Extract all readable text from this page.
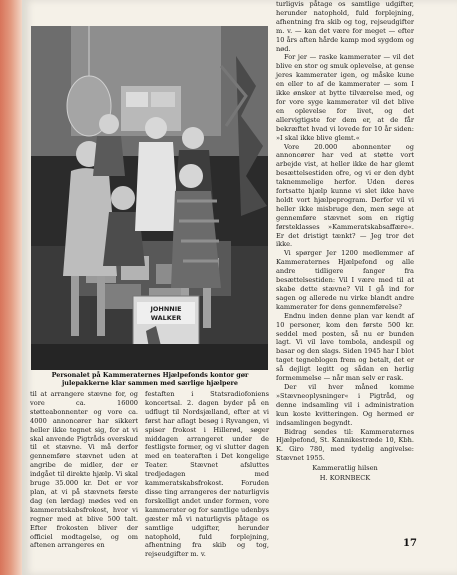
JOHNNIE
WALKER
Personalet på Kammeraternes Hjælpefonds kontor gør julepakkerne klar sammen med særlige hjælpere

til at arrangere stævne for, og vore ca. 16000 støtteabonnenter og vore ca. 4000 annoncører har sikkert heller ikke tegnet sig, for at vi skal anvende Pigtråds overskud til et stævne. Vi må derfor gennemføre stævnet uden at angribe de midler, der er indgået til direkte hjælp. Vi skal bruge 35.000 kr. Det er vor plan, at vi på stævnets første dag (en lørdag) mødes ved en kammeratskabsfrokost, hvor vi regner med at blive 500 talt. Efter frokosten bliver der officiel modtagelse, og om aftenen arrangeres en

festaften i Statsradiofoniens koncertsal. 2. dagen byder på en udflugt til Nordsjælland, efter at vi først har aflagt besøg i Ryvangen, vi spiser frokost i Hillerød, søger middagen arrangeret under de festligste former, og vi slutter dagen med en teateraften i Det kongelige Teater. Stævnet afsluttes tredjedagen med kammeratskabsfrokost. Foruden disse ting arrangeres der naturligvis forskelligt andet under formen, vore kammerater og for samtlige udenbys gæster må vi naturligvis påtage os samtlige udgifter, herunder natophold, fuld forplejning, afhentning fra skib og tog, rejseudgifter m. v.

turligvis påtage os samtlige udgifter, herunder natophold, fuld forplejning, afhentning fra skib og tog, rejseudgifter m. v. — kan det være for meget — efter 10 års aften hårde kamp mod sygdom og nød.

For jer — raske kammerater — vil det blive en stor og smuk oplevelse, at gense jeres kammerater igen, og måske kune en eller to af de kammerater — som I ikke ønsker at bytte tilværelse med, og for vore syge kammerater vil det blive en oplevelse for livet, og det allervigtigste for dem er, at de får bekræftet hvad vi lovede for 10 år siden: »I skal ikke blive glemt.«

Vore 20.000 abonnenter og annoncører har ved at støtte vort arbejde vist, at heller ikke de har glemt besættelsestiden ofre, og vi er den dybt taknemmelige herfor. Uden deres fortsatte hjælp kunne vi slet ikke have holdt vort hjælpeprogram. Derfor vil vi heller ikke misbruge den, men søge at gennemføre stævnet som en rigtig førsteklasses »Kammeratskabsaffære«. Er det dristigt tænkt? — Jeg tror det ikke.

Vi spørger Jer 1200 medlemmer af Kammeraternes Hjælpefond og alle andre tidligere fanger fra besættelsestiden: Vil I være med til at skabe dette stævne? Vil I gå ind for sagen og allerede nu virke blandt andre kammerater for dens gennemførelse?

Endnu inden denne plan var kendt af 10 personer, kom den første 500 kr. seddel med posten, så nu er bunden lagt. Vi vil lave tombola, andespil og basar og den slags. Siden 1945 har I blot taget tegneblogen frem og betalt, det er så dejligt legitt og sådan en herlig formemmelse — når man selv er rask.

Der vil hver måned komme »Stævneoplysninger« i Pigtråd, og denne indsamling vil i administration kun koste kvitteringen. Og hermed er indsamlingen begyndt.

Bidrag sendes til: Kammeraternes Hjælpefond, St. Kannikestræde 10, Kbh. K. Giro 780, med tydelig angivelse: Stævnet 1955.

Kammeratlig hilsen
H. KORNBECK
17
